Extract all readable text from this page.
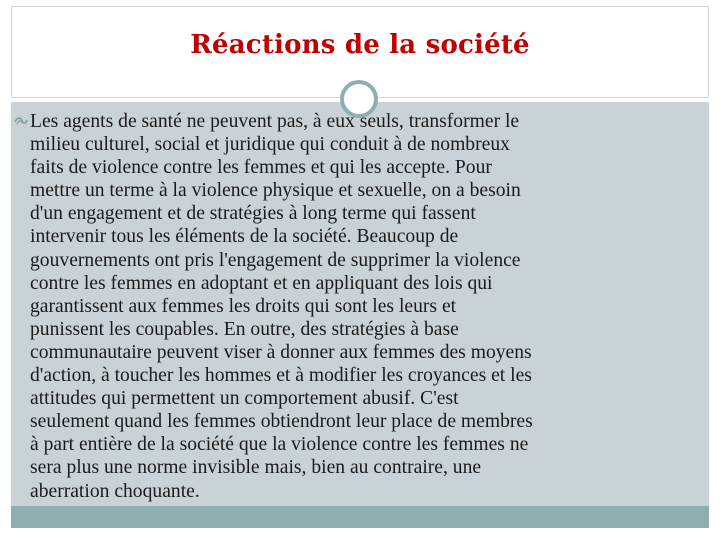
Réactions de la société
Les agents de santé ne peuvent pas, à eux seuls, transformer le
milieu culturel, social et juridique qui conduit à de nombreux
faits de violence contre les femmes et qui les accepte. Pour
mettre un terme à la violence physique et sexuelle, on a besoin
d'un engagement et de stratégies à long terme qui fassent
intervenir tous les éléments de la société. Beaucoup de
gouvernements ont pris l'engagement de supprimer la violence
contre les femmes en adoptant et en appliquant des lois qui
garantissent aux femmes les droits qui sont les leurs et
punissent les coupables. En outre, des stratégies à base
communautaire peuvent viser à donner aux femmes des moyens
d'action, à toucher les hommes et à modifier les croyances et les
attitudes qui permettent un comportement abusif. C'est
seulement quand les femmes obtiendront leur place de membres
à part entière de la société que la violence contre les femmes ne
sera plus une norme invisible mais, bien au contraire, une
aberration choquante.
